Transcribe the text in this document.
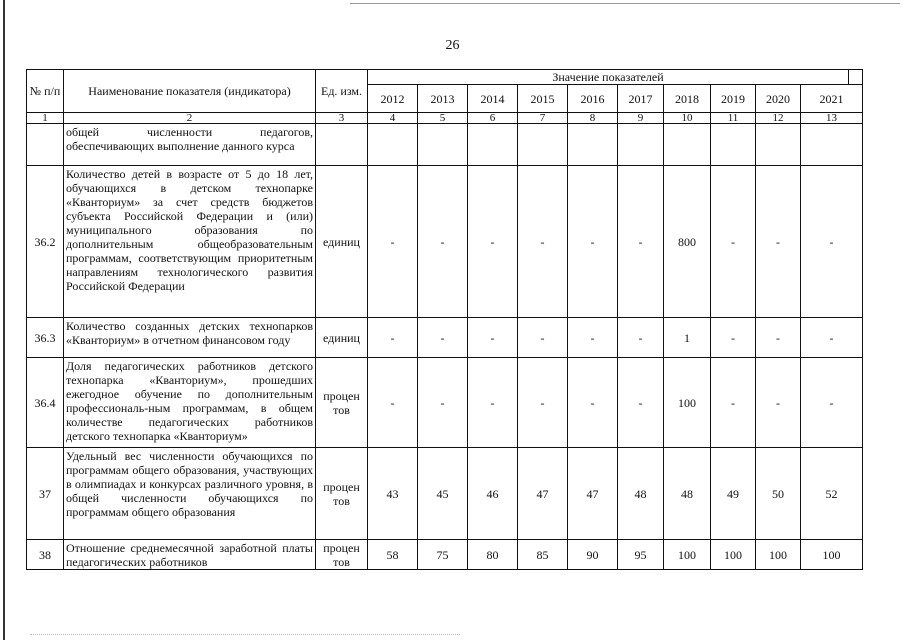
26
№ п/п	Наименование показателя (индикатора)	Ед. изм.	Значение показателей										
			2012	2013	2014	2015	2016	2017	2018	2019	2020	2021	
1	2	3	4	5	6	7	8	9	10	11	12	13	
	общей численности педагогов, обеспечивающих выполнение данного курса												
36.2	Количество детей в возрасте от 5 до 18 лет, обучающихся в детском технопарке «Кванториум» за счет средств бюджетов субъекта Российской Федерации и (или) муниципального образования по дополнительным общеобразовательным программам, соответствующим приоритетным направлениям технологического развития Российской Федерации	единиц	-	-	-	-	-	-	800	-	-	-	
36.3	Количество созданных детских технопарков «Кванториум» в отчетном финансовом году	единиц	-	-	-	-	-	-	1	-	-	-	
36.4	Доля педагогических работников детского технопарка «Кванториум», прошедших ежегодное обучение по дополнительным профессиональ-ным программам, в общем количестве педагогических работников детского технопарка «Кванториум»	процен тов	-	-	-	-	-	-	100	-	-	-	
37	Удельный вес численности обучающихся по программам общего образования, участвующих в олимпиадах и конкурсах различного уровня, в общей численности обучающихся по программам общего образования	процен тов	43	45	46	47	47	48	48	49	50	52	
38	Отношение среднемесячной заработной платы педагогических работников	процен тов	58	75	80	85	90	95	100	100	100	100	
